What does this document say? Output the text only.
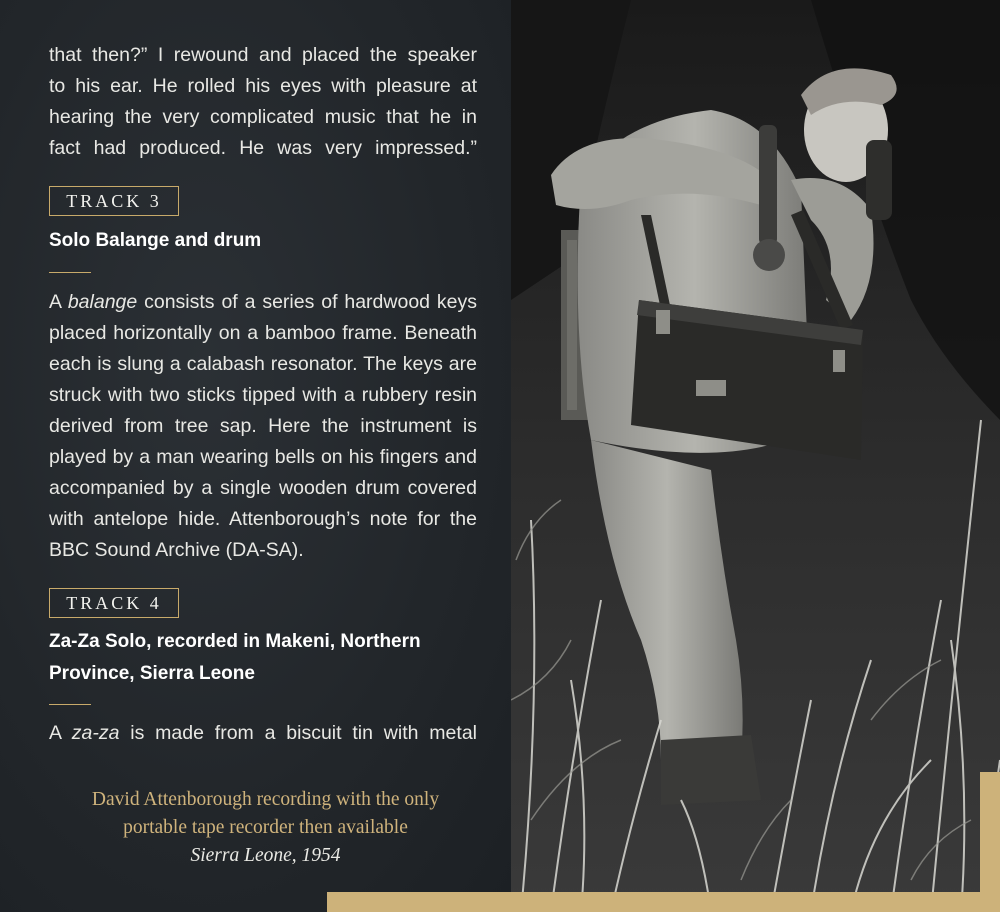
that then?” I rewound and placed the speaker

to his ear. He rolled his eyes with pleasure at

hearing the very complicated music that he in

fact had produced. He was very impressed.”

TRACK 3

Solo Balange and drum

A balange consists of a series of hardwood keys

placed horizontally on a bamboo frame. Beneath

each is slung a calabash resonator. The keys are

struck with two sticks tipped with a rubbery resin

derived from tree sap. Here the instrument is

played by a man wearing bells on his fingers and

accompanied by a single wooden drum covered

with antelope hide. Attenborough’s note for the

BBC Sound Archive (DA-SA).

TRACK 4

Za-Za Solo, recorded in Makeni, Northern

Province, Sierra Leone

A za-za is made from a biscuit tin with metal

David Attenborough recording with the only
portable tape recorder then available
Sierra Leone, 1954
